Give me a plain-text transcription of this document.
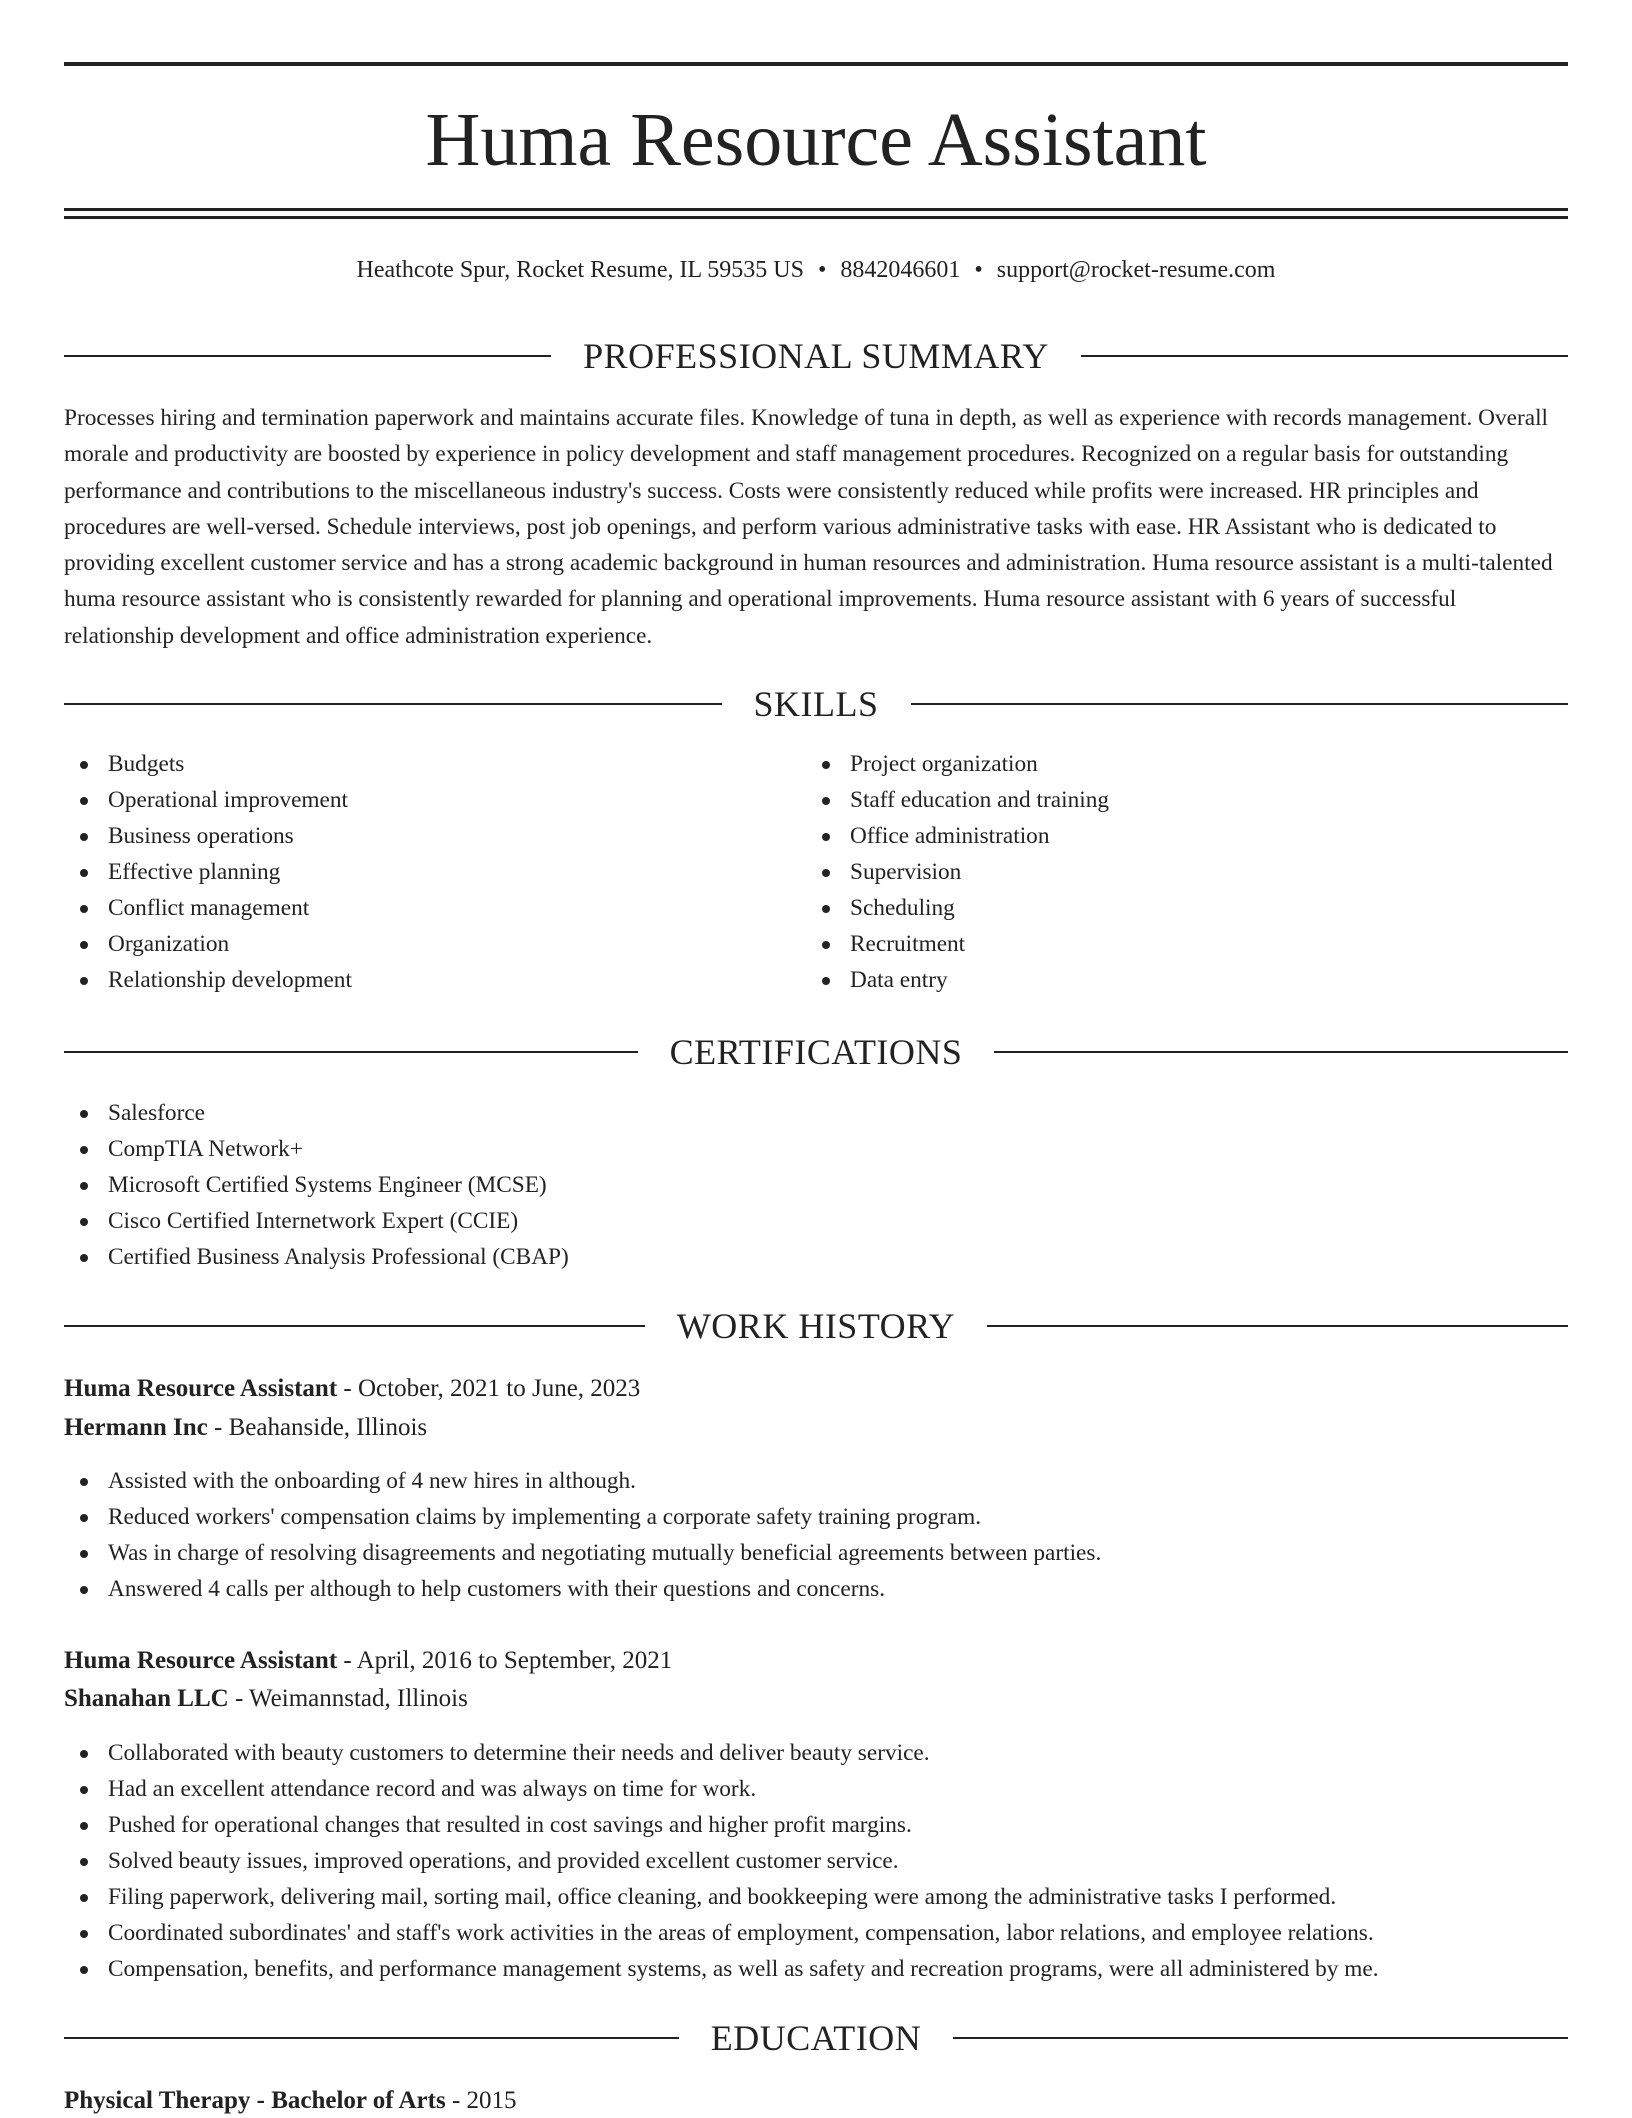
Huma Resource Assistant
Heathcote Spur, Rocket Resume, IL 59535 US • 8842046601 • support@rocket-resume.com
PROFESSIONAL SUMMARY

Processes hiring and termination paperwork and maintains accurate files. Knowledge of tuna in depth, as well as experience with records management. Overall morale and productivity are boosted by experience in policy development and staff management procedures. Recognized on a regular basis for outstanding performance and contributions to the miscellaneous industry's success. Costs were consistently reduced while profits were increased. HR principles and procedures are well-versed. Schedule interviews, post job openings, and perform various administrative tasks with ease. HR Assistant who is dedicated to providing excellent customer service and has a strong academic background in human resources and administration. Huma resource assistant is a multi-talented huma resource assistant who is consistently rewarded for planning and operational improvements. Huma resource assistant with 6 years of successful relationship development and office administration experience.

SKILLS
Budgets
Operational improvement
Business operations
Effective planning
Conflict management
Organization
Relationship development
Project organization
Staff education and training
Office administration
Supervision
Scheduling
Recruitment
Data entry
CERTIFICATIONS
Salesforce
CompTIA Network+
Microsoft Certified Systems Engineer (MCSE)
Cisco Certified Internetwork Expert (CCIE)
Certified Business Analysis Professional (CBAP)
WORK HISTORY
Huma Resource Assistant - October, 2021 to June, 2023
Hermann Inc - Beahanside, Illinois
Assisted with the onboarding of 4 new hires in although.
Reduced workers' compensation claims by implementing a corporate safety training program.
Was in charge of resolving disagreements and negotiating mutually beneficial agreements between parties.
Answered 4 calls per although to help customers with their questions and concerns.
Huma Resource Assistant - April, 2016 to September, 2021
Shanahan LLC - Weimannstad, Illinois
Collaborated with beauty customers to determine their needs and deliver beauty service.
Had an excellent attendance record and was always on time for work.
Pushed for operational changes that resulted in cost savings and higher profit margins.
Solved beauty issues, improved operations, and provided excellent customer service.
Filing paperwork, delivering mail, sorting mail, office cleaning, and bookkeeping were among the administrative tasks I performed.
Coordinated subordinates' and staff's work activities in the areas of employment, compensation, labor relations, and employee relations.
Compensation, benefits, and performance management systems, as well as safety and recreation programs, were all administered by me.
EDUCATION
Physical Therapy - Bachelor of Arts - 2015
